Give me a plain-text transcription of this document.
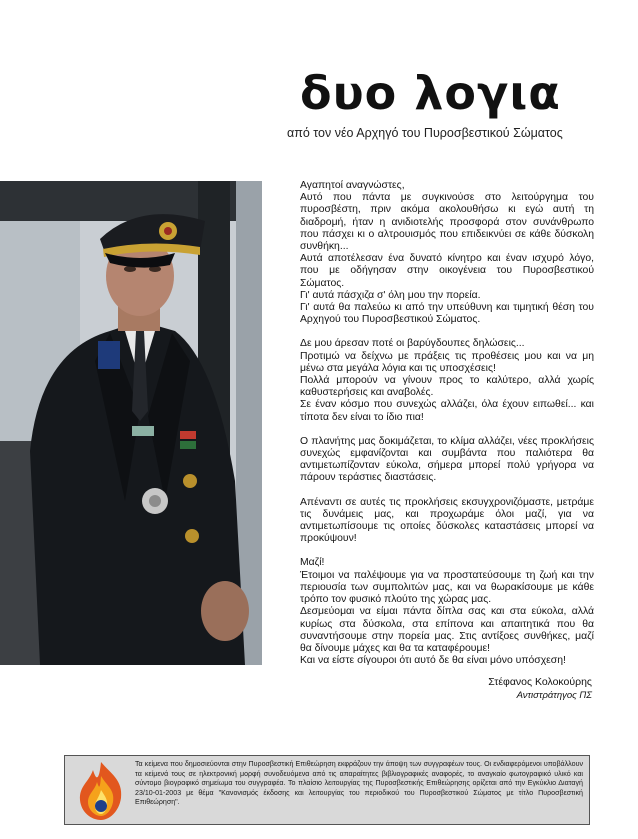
δυο λογια
από τον νέο Αρχηγό του Πυροσβεστικού Σώματος

Αγαπητοί αναγνώστες,
Αυτό που πάντα με συγκινούσε στο λειτούργημα του πυροσβέστη, πριν ακόμα ακολουθήσω κι εγώ αυτή τη διαδρομή, ήταν η ανιδιοτελής προσφορά στον συνάνθρωπο που πάσχει κι ο αλτρουισμός που επιδεικνύει σε κάθε δύσκολη συνθήκη...
Αυτά αποτέλεσαν ένα δυνατό κίνητρο και έναν ισχυρό λόγο, που με οδήγησαν στην οικογένεια του Πυροσβεστικού Σώματος.
Γι' αυτά πάσχιζα σ' όλη μου την πορεία.
Γι' αυτά θα παλεύω κι από την υπεύθυνη και τιμητική θέση του Αρχηγού του Πυροσβεστικού Σώματος.

Δε μου άρεσαν ποτέ οι βαρύγδουπες δηλώσεις...
Προτιμώ να δείχνω με πράξεις τις προθέσεις μου και να μη μένω στα μεγάλα λόγια και τις υποσχέσεις!
Πολλά μπορούν να γίνουν προς το καλύτερο, αλλά χωρίς καθυστερήσεις και αναβολές.
Σε έναν κόσμο που συνεχώς αλλάζει, όλα έχουν ειπωθεί... και τίποτα δεν είναι το ίδιο πια!

Ο πλανήτης μας δοκιμάζεται, το κλίμα αλλάζει, νέες προκλήσεις συνεχώς εμφανίζονται και συμβάντα που παλιότερα θα αντιμετωπίζονταν εύκολα, σήμερα μπορεί πολύ γρήγορα να πάρουν τεράστιες διαστάσεις.

Απέναντι σε αυτές τις προκλήσεις εκσυγχρονιζόμαστε, μετράμε τις δυνάμεις μας, και προχωράμε όλοι μαζί, για να αντιμετωπίσουμε τις οποίες δύσκολες καταστάσεις μπορεί να προκύψουν!

Μαζί!
Έτοιμοι να παλέψουμε για να προστατεύσουμε τη ζωή και την περιουσία των συμπολιτών μας, και να θωρακίσουμε με κάθε τρόπο τον φυσικό πλούτο της χώρας μας.
Δεσμεύομαι να είμαι πάντα δίπλα σας και στα εύκολα, αλλά κυρίως στα δύσκολα, στα επίπονα και απαιτητικά που θα συναντήσουμε στην πορεία μας. Στις αντίξοες συνθήκες, μαζί θα δίνουμε μάχες και θα τα καταφέρουμε!
Και να είστε σίγουροι ότι αυτό δε θα είναι μόνο υπόσχεση!

Στέφανος Κολοκούρης
Αντιστράτηγος ΠΣ
Τα κείμενα που δημοσιεύονται στην Πυροσβεστική Επιθεώρηση εκφράζουν την άποψη των συγγραφέων τους. Οι ενδιαφερόμενοι υποβάλλουν τα κείμενά τους σε ηλεκτρονική μορφή συνοδευόμενα από τις απαραίτητες βιβλιογραφικές αναφορές, το αναγκαίο φωτογραφικό υλικό και σύντομο βιογραφικό σημείωμα του συγγραφέα. Το πλαίσιο λειτουργίας της Πυροσβεστικής Επιθεώρησης ορίζεται από την Εγκύκλιο Διαταγή 23/10-01-2003 με θέμα "Κανονισμός έκδοσης και λειτουργίας του περιοδικού του Πυροσβεστικού Σώματος με τίτλο Πυροσβεστική Επιθεώρηση".
